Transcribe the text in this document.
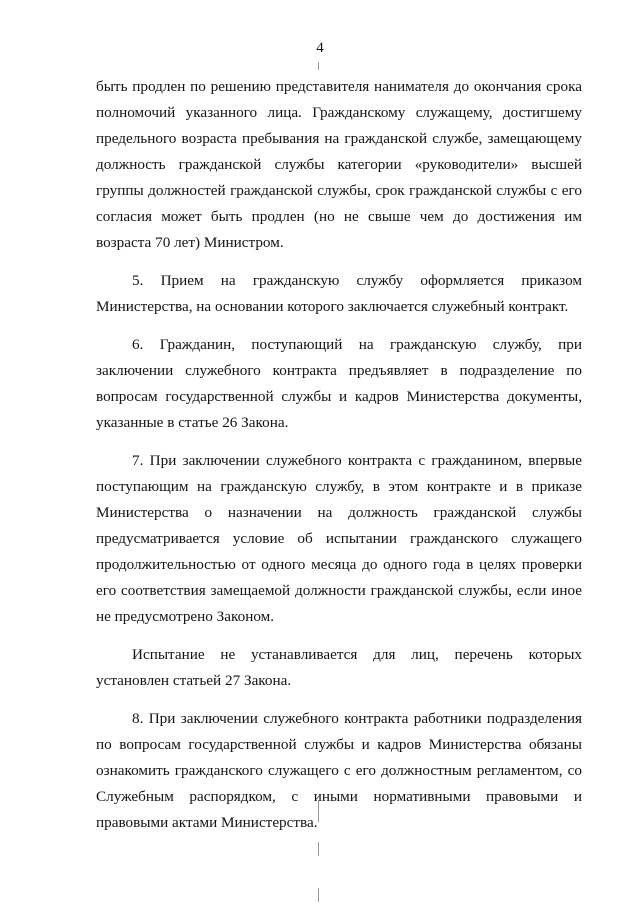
4

быть продлен по решению представителя нанимателя до окончания срока полномочий указанного лица. Гражданскому служащему, достигшему предельного возраста пребывания на гражданской службе, замещающему должность гражданской службы категории «руководители» высшей группы должностей гражданской службы, срок гражданской службы с его согласия может быть продлен (но не свыше чем до достижения им возраста 70 лет) Министром.

5. Прием на гражданскую службу оформляется приказом Министерства, на основании которого заключается служебный контракт.

6. Гражданин, поступающий на гражданскую службу, при заключении служебного контракта предъявляет в подразделение по вопросам государственной службы и кадров Министерства документы, указанные в статье 26 Закона.

7. При заключении служебного контракта с гражданином, впервые поступающим на гражданскую службу, в этом контракте и в приказе Министерства о назначении на должность гражданской службы предусматривается условие об испытании гражданского служащего продолжительностью от одного месяца до одного года в целях проверки его соответствия замещаемой должности гражданской службы, если иное не предусмотрено Законом.

Испытание не устанавливается для лиц, перечень которых установлен статьей 27 Закона.

8. При заключении служебного контракта работники подразделения по вопросам государственной службы и кадров Министерства обязаны ознакомить гражданского служащего с его должностным регламентом, со Служебным распорядком, с иными нормативными правовыми и правовыми актами Министерства.
